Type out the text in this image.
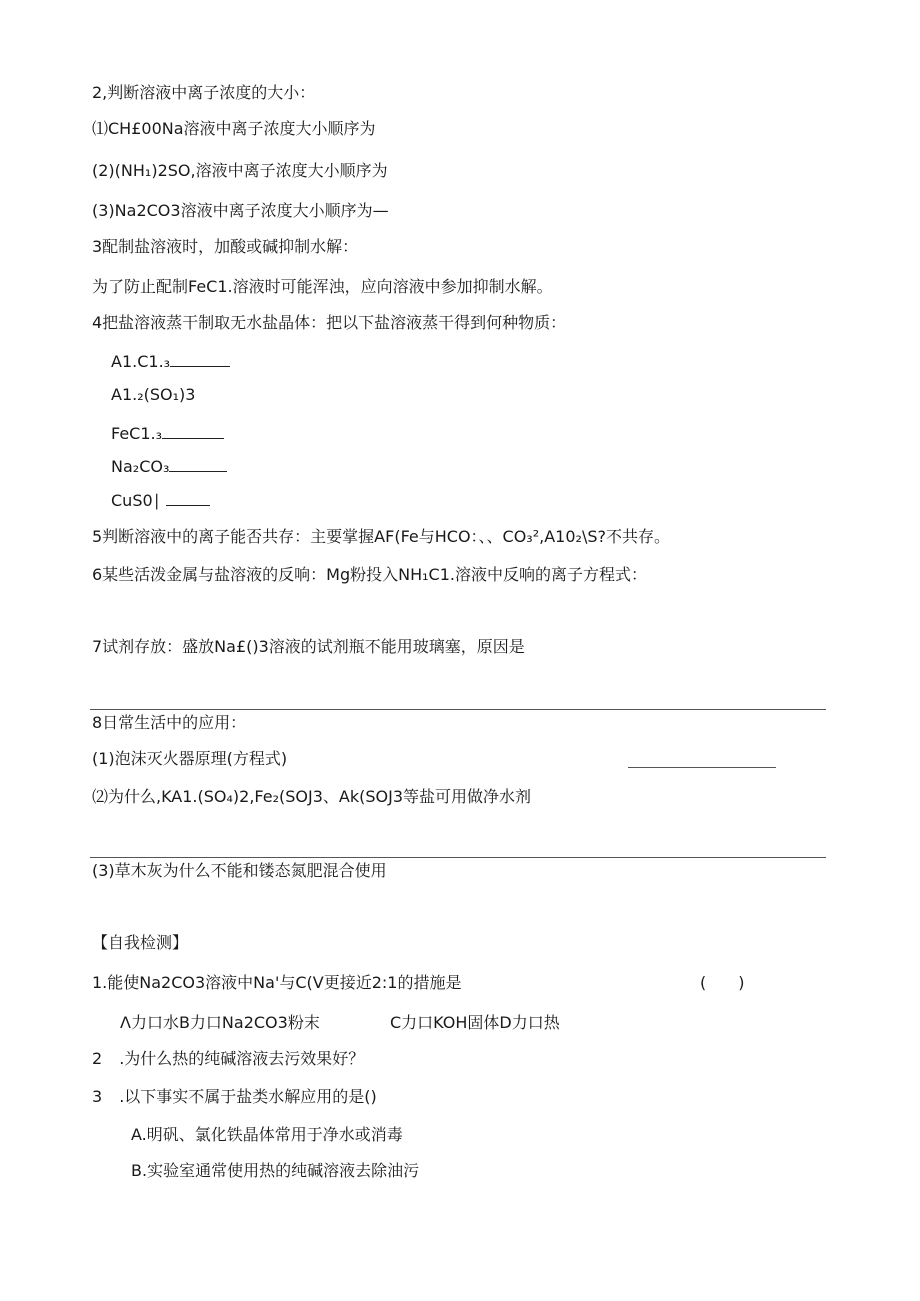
2,判断溶液中离子浓度的大小：
⑴CH£00Na溶液中离子浓度大小顺序为
(2)(NH₁)2SO,溶液中离子浓度大小顺序为
(3)Na2CO3溶液中离子浓度大小顺序为—
3配制盐溶液时，加酸或碱抑制水解：
为了防止配制FeC1.溶液时可能浑浊，应向溶液中参加抑制水解。
4把盐溶液蒸干制取无水盐晶体：把以下盐溶液蒸干得到何种物质：
A1.C1.₃
A1.₂(SO₁)3
FeC1.₃
Na₂CO₃
CuS0∣
5判断溶液中的离子能否共存：主要掌握AF(Fe与HCO：、、CO₃²,A10₂\S?不共存。
6某些活泼金属与盐溶液的反响：Mg粉投入NH₁C1.溶液中反响的离子方程式：
7试剂存放：盛放Na£()3溶液的试剂瓶不能用玻璃塞，原因是
8日常生活中的应用：
(1)泡沫灭火器原理(方程式)
⑵为什么,KA1.(SO₄)2,Fe₂(SOJ3、Ak(SOJ3等盐可用做净水剂
(3)草木灰为什么不能和镂态氮肥混合使用
【自我检测】
1.能使Na2CO3溶液中Na'与C(V更接近2:1的措施是	(　　)
Λ力口水B力口Na2CO3粉末	C力口KOH固体D力口热
2 .为什么热的纯碱溶液去污效果好？
3 .以下事实不属于盐类水解应用的是()
A.明矾、氯化铁晶体常用于净水或消毒
B.实验室通常使用热的纯碱溶液去除油污
